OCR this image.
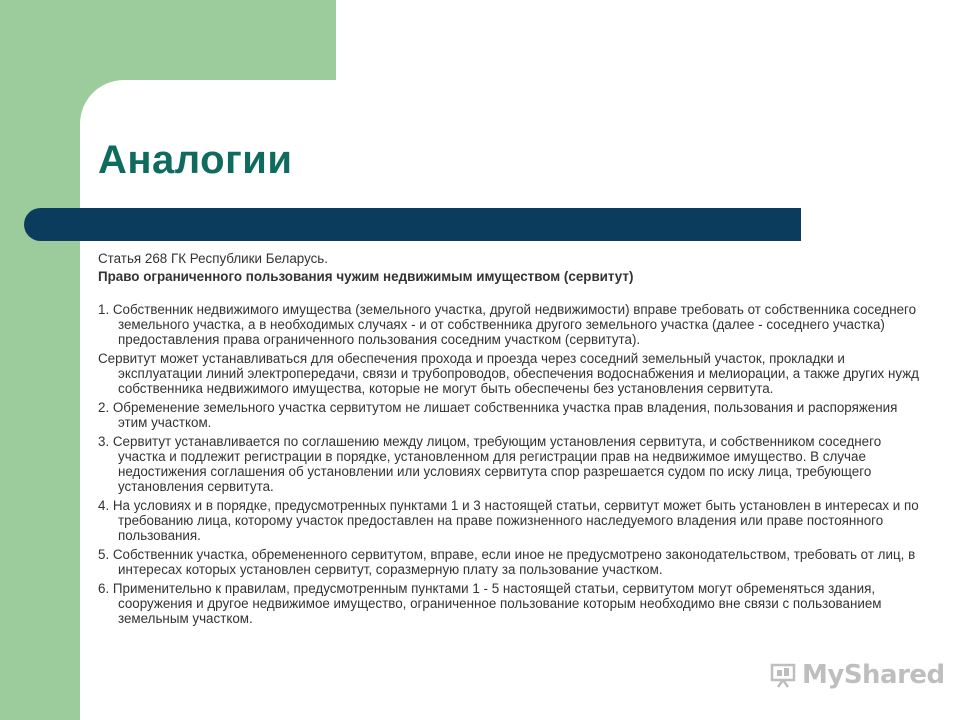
Аналогии

Статья 268 ГК Республики Беларусь.

Право ограниченного пользования чужим недвижимым имуществом (сервитут)

1. Собственник недвижимого имущества (земельного участка, другой недвижимости) вправе требовать от собственника соседнего земельного участка, а в необходимых случаях - и от собственника другого земельного участка (далее - соседнего участка) предоставления права ограниченного пользования соседним участком (сервитута).

Сервитут может устанавливаться для обеспечения прохода и проезда через соседний земельный участок, прокладки и эксплуатации линий электропередачи, связи и трубопроводов, обеспечения водоснабжения и мелиорации, а также других нужд собственника недвижимого имущества, которые не могут быть обеспечены без установления сервитута.

2. Обременение земельного участка сервитутом не лишает собственника участка прав владения, пользования и распоряжения этим участком.

3. Сервитут устанавливается по соглашению между лицом, требующим установления сервитута, и собственником соседнего участка и подлежит регистрации в порядке, установленном для регистрации прав на недвижимое имущество. В случае недостижения соглашения об установлении или условиях сервитута спор разрешается судом по иску лица, требующего установления сервитута.

4. На условиях и в порядке, предусмотренных пунктами 1 и 3 настоящей статьи, сервитут может быть установлен в интересах и по требованию лица, которому участок предоставлен на праве пожизненного наследуемого владения или праве постоянного пользования.

5. Собственник участка, обремененного сервитутом, вправе, если иное не предусмотрено законодательством, требовать от лиц, в интересах которых установлен сервитут, соразмерную плату за пользование участком.

6. Применительно к правилам, предусмотренным пунктами 1 - 5 настоящей статьи, сервитутом могут обременяться здания, сооружения и другое недвижимое имущество, ограниченное пользование которым необходимо вне связи с пользованием земельным участком.

MyShared
